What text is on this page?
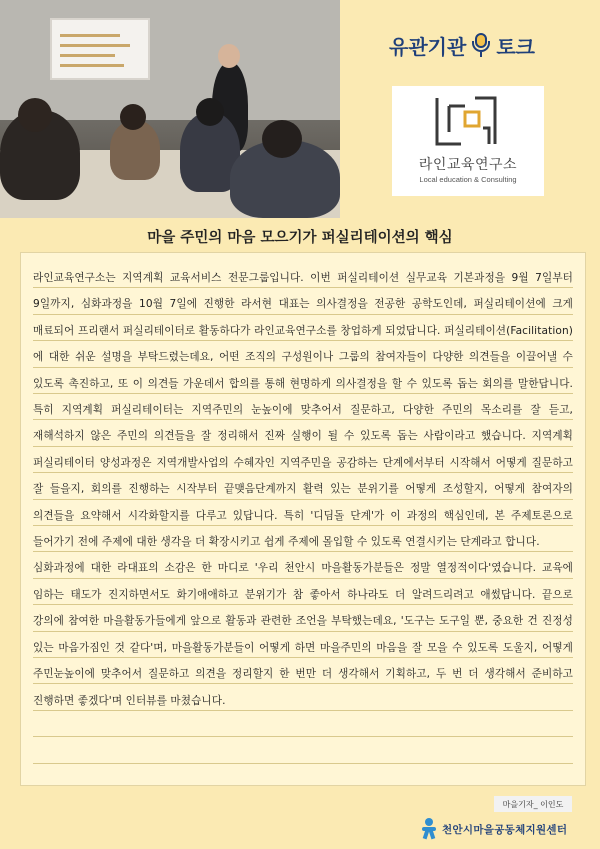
유관기관 토크
라인교육연구소
Local education & Consulting
마을 주민의 마음 모으기가 퍼실리테이션의 핵심

라인교육연구소는 지역계획 교육서비스 전문그룹입니다. 이번 퍼실리테이션 실무교육 기본과정을 9월 7일부터 9일까지, 심화과정을 10월 7일에 진행한 라서현 대표는 의사결정을 전공한 공학도인데, 퍼실리테이션에 크게 매료되어 프리랜서 퍼실리테이터로 활동하다가 라인교육연구소를 창업하게 되었답니다. 퍼실리테이션(Facilitation)에 대한 쉬운 설명을 부탁드렸는데요, 어떤 조직의 구성원이나 그룹의 참여자들이 다양한 의견들을 이끌어낼 수 있도록 촉진하고, 또 이 의견들 가운데서 합의를 통해 현명하게 의사결정을 할 수 있도록 돕는 회의를 말한답니다. 특히 지역계획 퍼실리테이터는 지역주민의 눈높이에 맞추어서 질문하고, 다양한 주민의 목소리를 잘 듣고, 재해석하지 않은 주민의 의견들을 잘 정리해서 진짜 실행이 될 수 있도록 돕는 사람이라고 했습니다. 지역계획 퍼실리테이터 양성과정은 지역개발사업의 수혜자인 지역주민을 공감하는 단계에서부터 시작해서 어떻게 질문하고 잘 들을지, 회의를 진행하는 시작부터 끝맺음단계까지 활력 있는 분위기를 어떻게 조성할지, 어떻게 참여자의 의견들을 요약해서 시각화할지를 다루고 있답니다. 특히 '디딤돌 단계'가 이 과정의 핵심인데, 본 주제토론으로 들어가기 전에 주제에 대한 생각을 더 확장시키고 쉽게 주제에 몰입할 수 있도록 연결시키는 단계라고 합니다.

심화과정에 대한 라대표의 소감은 한 마디로 '우리 천안시 마을활동가분들은 정말 열정적이다'였습니다. 교육에 임하는 태도가 진지하면서도 화기애애하고 분위기가 참 좋아서 하나라도 더 알려드리려고 애썼답니다. 끝으로 강의에 참여한 마을활동가들에게 앞으로 활동과 관련한 조언을 부탁했는데요, '도구는 도구일 뿐, 중요한 건 진정성 있는 마음가짐인 것 같다'며, 마을활동가분들이 어떻게 하면 마을주민의 마음을 잘 모을 수 있도록 도울지, 어떻게 주민눈높이에 맞추어서 질문하고 의견을 정리할지 한 번만 더 생각해서 기획하고, 두 번 더 생각해서 준비하고 진행하면 좋겠다'며 인터뷰를 마쳤습니다.

마을기자_ 이인도
천안시마을공동체지원센터
